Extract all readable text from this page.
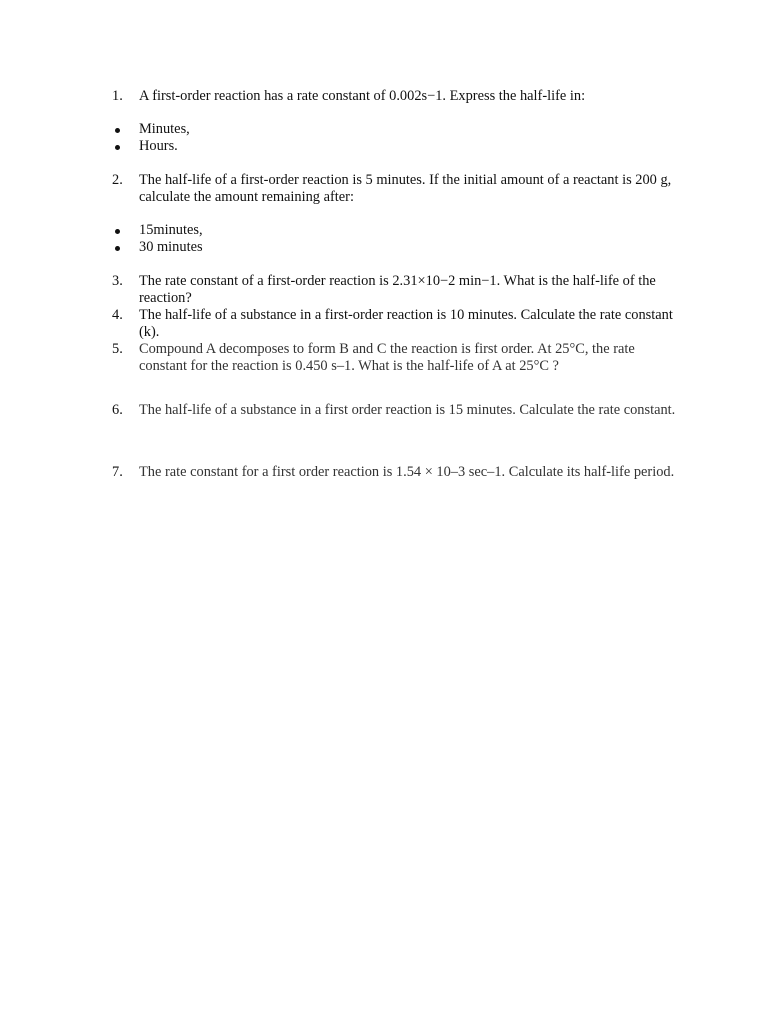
1.	A first-order reaction has a rate constant of 0.002s−1. Express the half-life in:
Minutes,
Hours.
2.	The half-life of a first-order reaction is 5 minutes. If the initial amount of a reactant is 200 g, calculate the amount remaining after:
15minutes,
30 minutes
3.	The rate constant of a first-order reaction is 2.31×10−2 min−1. What is the half-life of the reaction?
4.	The half-life of a substance in a first-order reaction is 10 minutes. Calculate the rate constant (k).
5.	Compound A decomposes to form B and C the reaction is first order. At 25°C, the rate constant for the reaction is 0.450 s–1. What is the half-life of A at 25°C ?
6.	The half-life of a substance in a first order reaction is 15 minutes. Calculate the rate constant.
7.	The rate constant for a first order reaction is 1.54 × 10–3 sec–1. Calculate its half-life period.
